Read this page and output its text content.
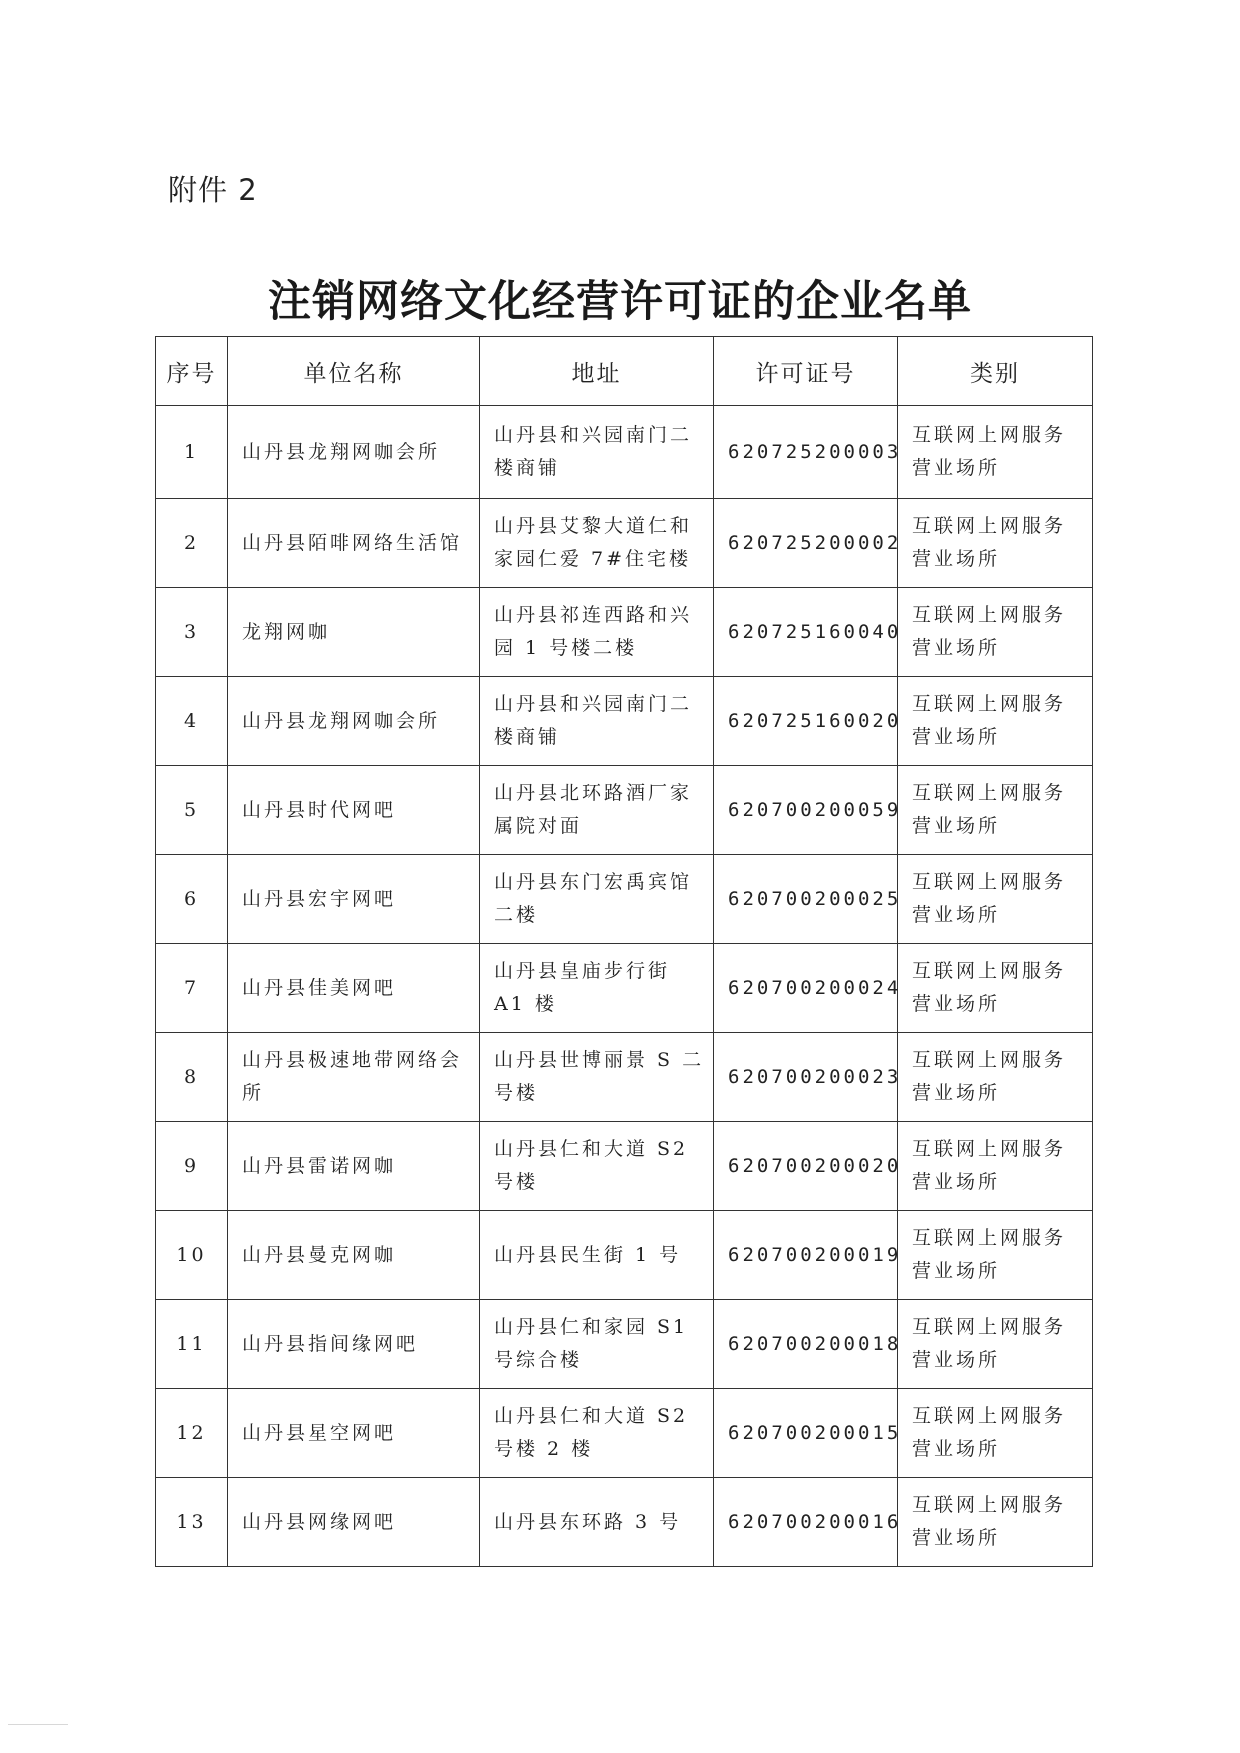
附件 2
注销网络文化经营许可证的企业名单
序号	单位名称	地址	许可证号	类别
1	山丹县龙翔网咖会所	山丹县和兴园南门二楼商铺	620725200003	互联网上网服务营业场所
2	山丹县陌啡网络生活馆	山丹县艾黎大道仁和家园仁爱 7#住宅楼	620725200002	互联网上网服务营业场所
3	龙翔网咖	山丹县祁连西路和兴园 1 号楼二楼	620725160040	互联网上网服务营业场所
4	山丹县龙翔网咖会所	山丹县和兴园南门二楼商铺	620725160020	互联网上网服务营业场所
5	山丹县时代网吧	山丹县北环路酒厂家属院对面	620700200059	互联网上网服务营业场所
6	山丹县宏宇网吧	山丹县东门宏禹宾馆二楼	620700200025	互联网上网服务营业场所
7	山丹县佳美网吧	山丹县皇庙步行街 A1 楼	620700200024	互联网上网服务营业场所
8	山丹县极速地带网络会所	山丹县世博丽景 S 二号楼	620700200023	互联网上网服务营业场所
9	山丹县雷诺网咖	山丹县仁和大道 S2 号楼	620700200020	互联网上网服务营业场所
10	山丹县曼克网咖	山丹县民生街 1 号	620700200019	互联网上网服务营业场所
11	山丹县指间缘网吧	山丹县仁和家园 S1 号综合楼	620700200018	互联网上网服务营业场所
12	山丹县星空网吧	山丹县仁和大道 S2 号楼 2 楼	620700200015	互联网上网服务营业场所
13	山丹县网缘网吧	山丹县东环路 3 号	620700200016	互联网上网服务营业场所
